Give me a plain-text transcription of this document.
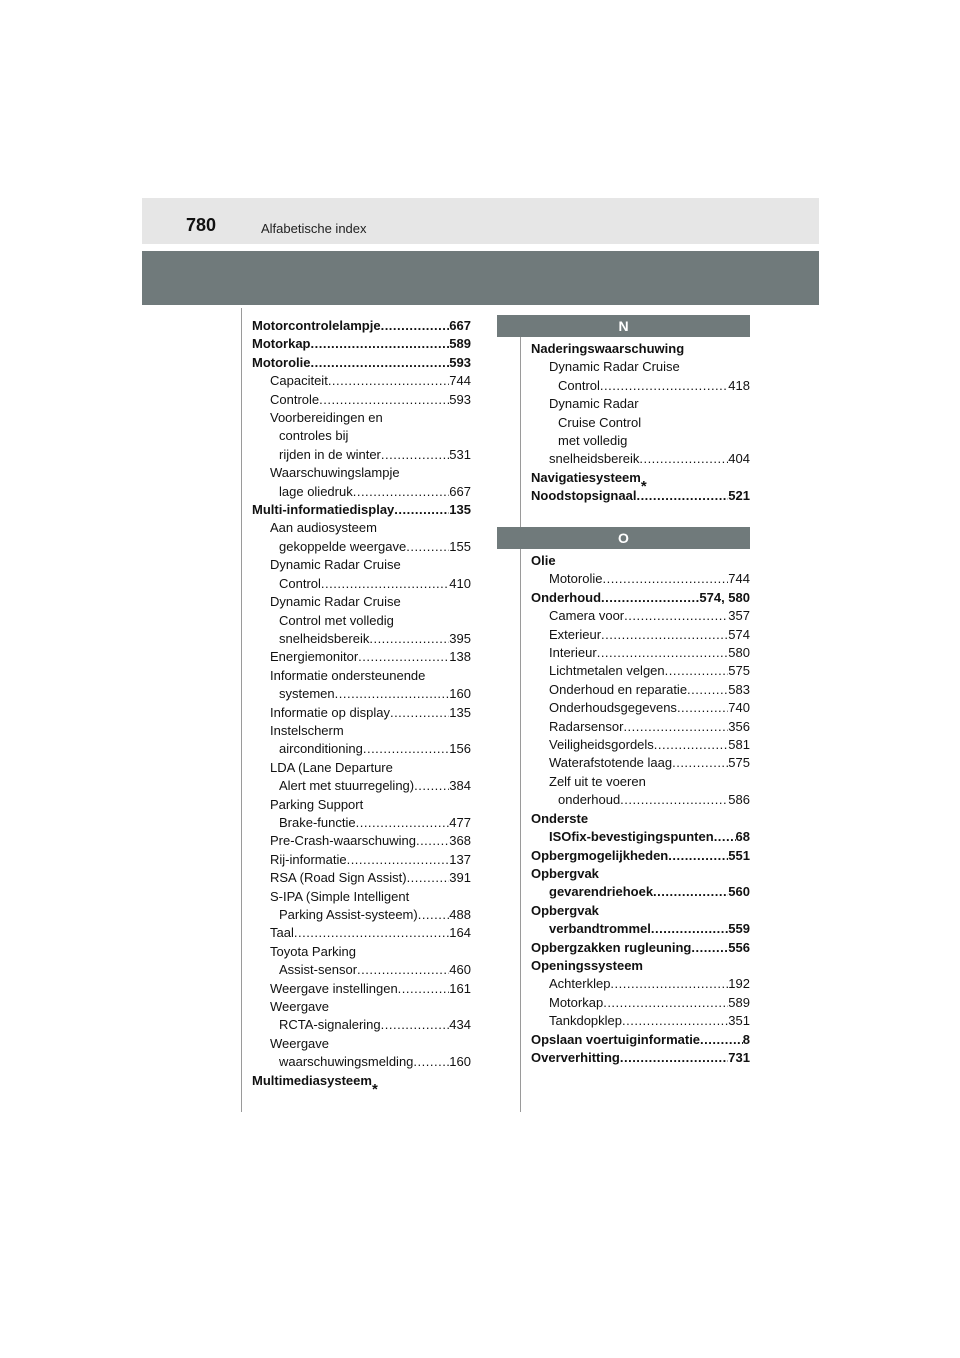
780	Alfabetische index
Motorcontrolelampje .....	667
Motorkap .....	589
Motorolie .....	593
Capaciteit .....	744
Controle .....	593
Voorbereidingen en
controles bij
rijden in de winter .....	531
Waarschuwingslampje
lage oliedruk .....	667
Multi-informatiedisplay .....	135
Aan audiosysteem
gekoppelde weergave .....	155
Dynamic Radar Cruise
Control .....	410
Dynamic Radar Cruise
Control met volledig
snelheidsbereik .....	395
Energiemonitor .....	138
Informatie ondersteunende
systemen .....	160
Informatie op display .....	135
Instelscherm
airconditioning .....	156
LDA (Lane Departure
Alert met stuurregeling) .....	384
Parking Support
Brake-functie .....	477
Pre-Crash-waarschuwing .....	368
Rij-informatie .....	137
RSA (Road Sign Assist) .....	391
S-IPA (Simple Intelligent
Parking Assist-systeem) ..... 488
Taal .....	164
Toyota Parking
Assist-sensor .....	460
Weergave instellingen .....	161
Weergave
RCTA-signalering .....	434
Weergave
waarschuwingsmelding .....	160
Multimediasysteem
*
N
Naderingswaarschuwing
Dynamic Radar Cruise
Control .....	418
Dynamic Radar
Cruise Control
met volledig
snelheidsbereik .....	404
Navigatiesysteem
*
Noodstopsignaal .....	521
O
Olie
Motorolie .....	744
Onderhoud .....	574, 580
Camera voor .....	357
Exterieur .....	574
Interieur .....	580
Lichtmetalen velgen .....	575
Onderhoud en reparatie .....	583
Onderhoudsgegevens .....	740
Radarsensor .....	356
Veiligheidsgordels .....	581
Waterafstotende laag .....	575
Zelf uit te voeren
onderhoud .....	586
Onderste
ISOfix-bevestigingspunten ..... 68
Opbergmogelijkheden .....	551
Opbergvak
gevarendriehoek .....	560
Opbergvak
verbandtrommel .....	559
Opbergzakken rugleuning .....	556
Openingssysteem
Achterklep .....	192
Motorkap .....	589
Tankdopklep .....	351
Opslaan voertuiginformatie .....	8
Oververhitting .....	731
